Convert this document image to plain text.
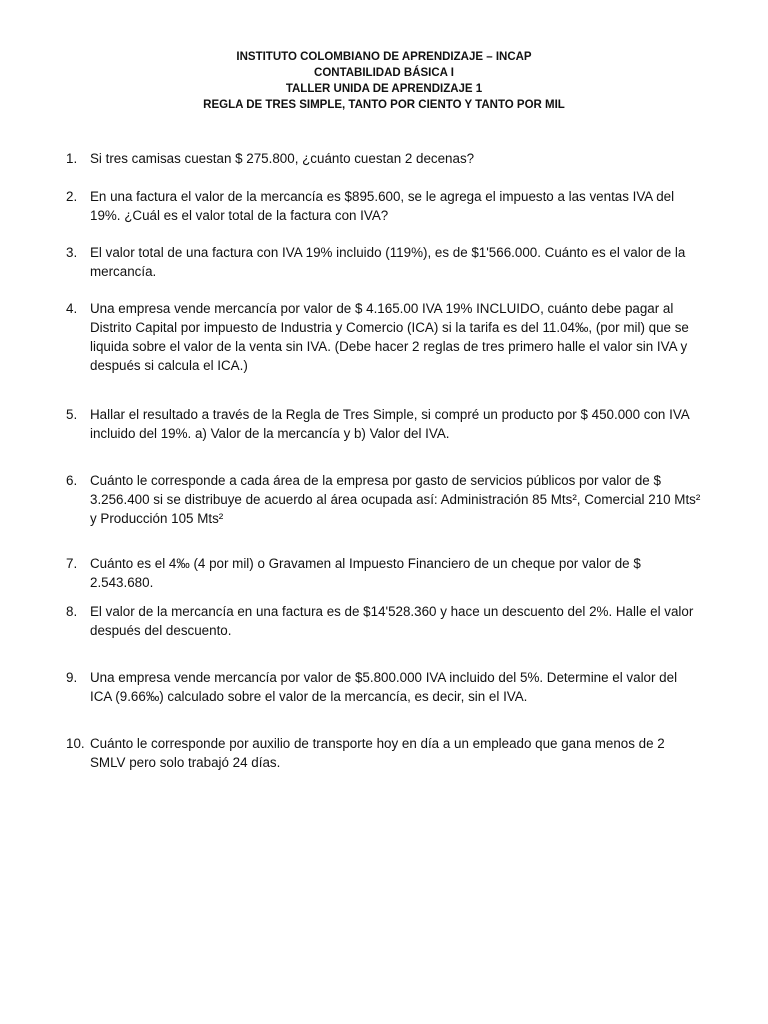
INSTITUTO COLOMBIANO DE APRENDIZAJE – INCAP
CONTABILIDAD BÁSICA I
TALLER UNIDA DE APRENDIZAJE 1
REGLA DE TRES SIMPLE, TANTO POR CIENTO Y TANTO POR MIL
1. Si tres camisas cuestan $ 275.800, ¿cuánto cuestan 2 decenas?
2. En una factura el valor de la mercancía es $895.600, se le agrega el impuesto a las ventas IVA del
19%. ¿Cuál es el valor total de la factura con IVA?
3. El valor total de una factura con IVA 19% incluido (119%), es de $1'566.000. Cuánto es el valor de la
mercancía.
4. Una empresa vende mercancía por valor de $ 4.165.00 IVA 19% INCLUIDO, cuánto debe pagar al
Distrito Capital por impuesto de Industria y Comercio (ICA) si la tarifa es del 11.04‰, (por mil) que se
liquida sobre el valor de la venta sin IVA. (Debe hacer 2 reglas de tres primero halle el valor sin IVA y
después si calcula el ICA.)
5. Hallar el resultado a través de la Regla de Tres Simple, si compré un producto por $ 450.000 con IVA
incluido del 19%. a) Valor de la mercancía y b) Valor del IVA.
6. Cuánto le corresponde a cada área de la empresa por gasto de servicios públicos por valor de $
3.256.400 si se distribuye de acuerdo al área ocupada así: Administración 85 Mts², Comercial 210 Mts²
y Producción 105 Mts²
7. Cuánto es el 4‰ (4 por mil) o Gravamen al Impuesto Financiero de un cheque por valor de $
2.543.680.
8. El valor de la mercancía en una factura es de $14'528.360 y hace un descuento del 2%. Halle el valor
después del descuento.
9. Una empresa vende mercancía por valor de $5.800.000 IVA incluido del 5%. Determine el valor del
ICA (9.66‰) calculado sobre el valor de la mercancía, es decir, sin el IVA.
10. Cuánto le corresponde por auxilio de transporte hoy en día a un empleado que gana menos de 2
SMLV pero solo trabajó 24 días.
